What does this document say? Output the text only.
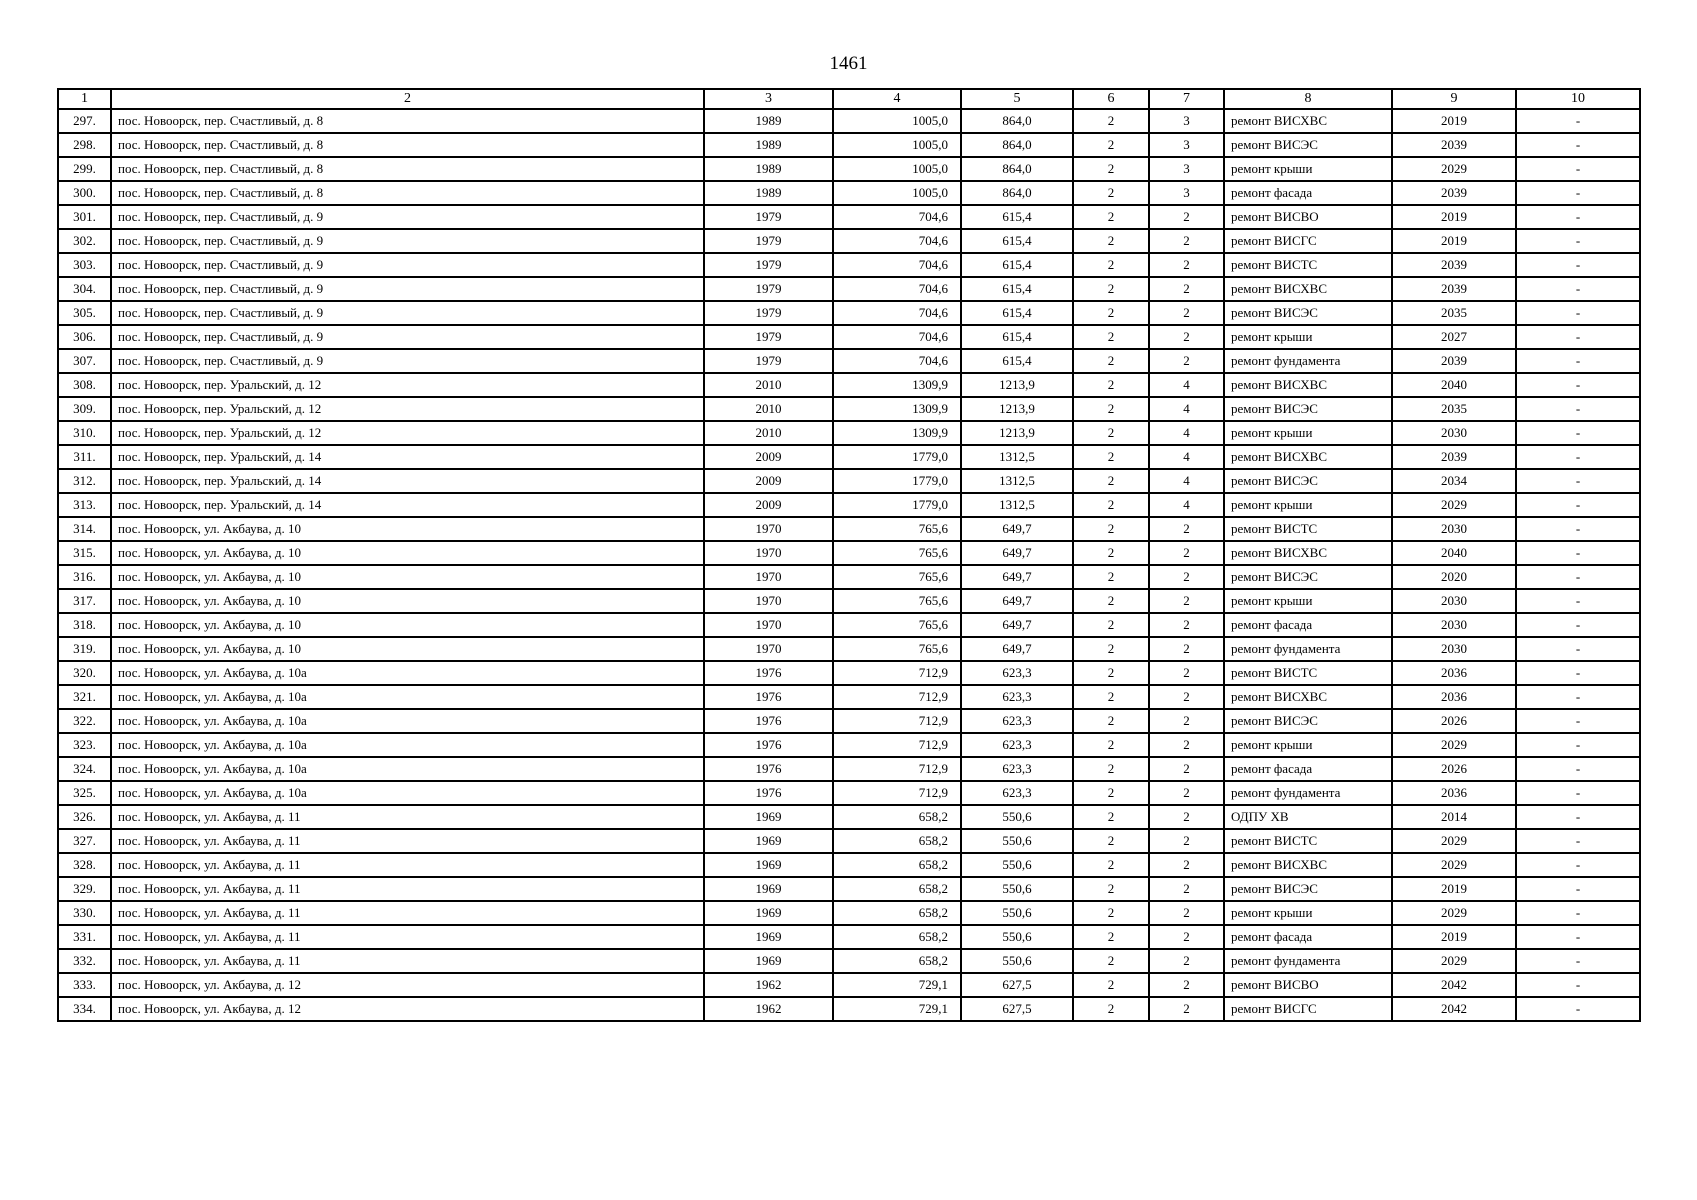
1461
1	2	3	4	5	6	7	8	9	10
297.	пос. Новоорск, пер. Счастливый, д. 8	1989	1005,0	864,0	2	3	ремонт ВИСХВС	2019	-
298.	пос. Новоорск, пер. Счастливый, д. 8	1989	1005,0	864,0	2	3	ремонт ВИСЭС	2039	-
299.	пос. Новоорск, пер. Счастливый, д. 8	1989	1005,0	864,0	2	3	ремонт крыши	2029	-
300.	пос. Новоорск, пер. Счастливый, д. 8	1989	1005,0	864,0	2	3	ремонт фасада	2039	-
301.	пос. Новоорск, пер. Счастливый, д. 9	1979	704,6	615,4	2	2	ремонт ВИСВО	2019	-
302.	пос. Новоорск, пер. Счастливый, д. 9	1979	704,6	615,4	2	2	ремонт ВИСГС	2019	-
303.	пос. Новоорск, пер. Счастливый, д. 9	1979	704,6	615,4	2	2	ремонт ВИСТС	2039	-
304.	пос. Новоорск, пер. Счастливый, д. 9	1979	704,6	615,4	2	2	ремонт ВИСХВС	2039	-
305.	пос. Новоорск, пер. Счастливый, д. 9	1979	704,6	615,4	2	2	ремонт ВИСЭС	2035	-
306.	пос. Новоорск, пер. Счастливый, д. 9	1979	704,6	615,4	2	2	ремонт крыши	2027	-
307.	пос. Новоорск, пер. Счастливый, д. 9	1979	704,6	615,4	2	2	ремонт фундамента	2039	-
308.	пос. Новоорск, пер. Уральский, д. 12	2010	1309,9	1213,9	2	4	ремонт ВИСХВС	2040	-
309.	пос. Новоорск, пер. Уральский, д. 12	2010	1309,9	1213,9	2	4	ремонт ВИСЭС	2035	-
310.	пос. Новоорск, пер. Уральский, д. 12	2010	1309,9	1213,9	2	4	ремонт крыши	2030	-
311.	пос. Новоорск, пер. Уральский, д. 14	2009	1779,0	1312,5	2	4	ремонт ВИСХВС	2039	-
312.	пос. Новоорск, пер. Уральский, д. 14	2009	1779,0	1312,5	2	4	ремонт ВИСЭС	2034	-
313.	пос. Новоорск, пер. Уральский, д. 14	2009	1779,0	1312,5	2	4	ремонт крыши	2029	-
314.	пос. Новоорск, ул. Акбаува, д. 10	1970	765,6	649,7	2	2	ремонт ВИСТС	2030	-
315.	пос. Новоорск, ул. Акбаува, д. 10	1970	765,6	649,7	2	2	ремонт ВИСХВС	2040	-
316.	пос. Новоорск, ул. Акбаува, д. 10	1970	765,6	649,7	2	2	ремонт ВИСЭС	2020	-
317.	пос. Новоорск, ул. Акбаува, д. 10	1970	765,6	649,7	2	2	ремонт крыши	2030	-
318.	пос. Новоорск, ул. Акбаува, д. 10	1970	765,6	649,7	2	2	ремонт фасада	2030	-
319.	пос. Новоорск, ул. Акбаува, д. 10	1970	765,6	649,7	2	2	ремонт фундамента	2030	-
320.	пос. Новоорск, ул. Акбаува, д. 10а	1976	712,9	623,3	2	2	ремонт ВИСТС	2036	-
321.	пос. Новоорск, ул. Акбаува, д. 10а	1976	712,9	623,3	2	2	ремонт ВИСХВС	2036	-
322.	пос. Новоорск, ул. Акбаува, д. 10а	1976	712,9	623,3	2	2	ремонт ВИСЭС	2026	-
323.	пос. Новоорск, ул. Акбаува, д. 10а	1976	712,9	623,3	2	2	ремонт крыши	2029	-
324.	пос. Новоорск, ул. Акбаува, д. 10а	1976	712,9	623,3	2	2	ремонт фасада	2026	-
325.	пос. Новоорск, ул. Акбаува, д. 10а	1976	712,9	623,3	2	2	ремонт фундамента	2036	-
326.	пос. Новоорск, ул. Акбаува, д. 11	1969	658,2	550,6	2	2	ОДПУ ХВ	2014	-
327.	пос. Новоорск, ул. Акбаува, д. 11	1969	658,2	550,6	2	2	ремонт ВИСТС	2029	-
328.	пос. Новоорск, ул. Акбаува, д. 11	1969	658,2	550,6	2	2	ремонт ВИСХВС	2029	-
329.	пос. Новоорск, ул. Акбаува, д. 11	1969	658,2	550,6	2	2	ремонт ВИСЭС	2019	-
330.	пос. Новоорск, ул. Акбаува, д. 11	1969	658,2	550,6	2	2	ремонт крыши	2029	-
331.	пос. Новоорск, ул. Акбаува, д. 11	1969	658,2	550,6	2	2	ремонт фасада	2019	-
332.	пос. Новоорск, ул. Акбаува, д. 11	1969	658,2	550,6	2	2	ремонт фундамента	2029	-
333.	пос. Новоорск, ул. Акбаува, д. 12	1962	729,1	627,5	2	2	ремонт ВИСВО	2042	-
334.	пос. Новоорск, ул. Акбаува, д. 12	1962	729,1	627,5	2	2	ремонт ВИСГС	2042	-
